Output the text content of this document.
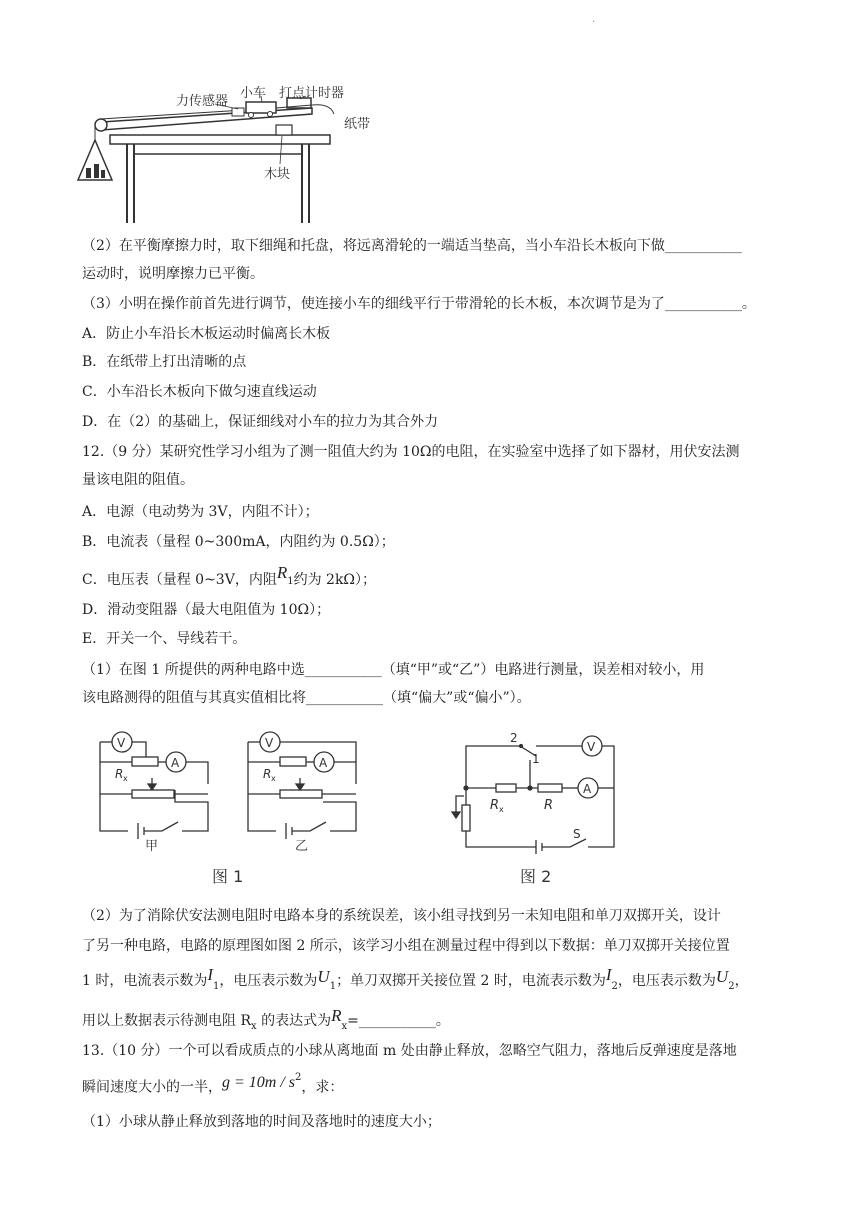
.
力传感器
小车 打点计时器
纸带
木块
（2）在平衡摩擦力时，取下细绳和托盘，将远离滑轮的一端适当垫高，当小车沿长木板向下做___________
运动时，说明摩擦力已平衡。
（3）小明在操作前首先进行调节，使连接小车的细线平行于带滑轮的长木板，本次调节是为了___________。
A．防止小车沿长木板运动时偏离长木板
B．在纸带上打出清晰的点
C．小车沿长木板向下做匀速直线运动
D．在（2）的基础上，保证细线对小车的拉力为其合外力
12.（9 分）某研究性学习小组为了测一阻值大约为 10Ω的电阻，在实验室中选择了如下器材，用伏安法测
量该电阻的阻值。
A．电源（电动势为 3V，内阻不计）；
B．电流表（量程 0~300mA，内阻约为 0.5Ω）；
C．电压表（量程 0~3V，内阻$R_1$约为 2kΩ）；
D．滑动变阻器（最大电阻值为 10Ω）；
E．开关一个、导线若干。
（1）在图 1 所提供的两种电路中选___________（填“甲”或“乙”）电路进行测量，误差相对较小，用
该电路测得的阻值与其真实值相比将___________（填“偏大”或“偏小”）。
V
A
R x
V
A
R x
甲	乙
图 1
V
A
2
1
R x	R
S
图 2
（2）为了消除伏安法测电阻时电路本身的系统误差，该小组寻找到另一未知电阻和单刀双掷开关，设计
了另一种电路，电路的原理图如图 2 所示，该学习小组在测量过程中得到以下数据：单刀双掷开关接位置
1 时，电流表示数为$I_1$，电压表示数为$U_1$；单刀双掷开关接位置 2 时，电流表示数为$I_2$，电压表示数为$U_2$，
用以上数据表示待测电阻 $R_x$ 的表达式为$R_x=\_\_\_\_\_\_\_\_\_\_\_$。
13.（10 分）一个可以看成质点的小球从离地面 m 处由静止释放，忽略空气阻力，落地后反弹速度是落地
瞬间速度大小的一半，$g = 10m / s^2$，求：
（1）小球从静止释放到落地的时间及落地时的速度大小；
